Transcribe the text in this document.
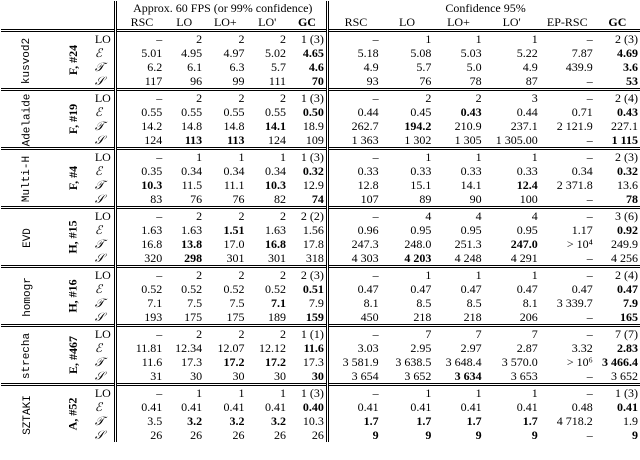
				Approx. 60 FPS (or 99% confidence)						Confidence 95%					
				RSC	LO	LO+	LO'	GC		RSC	LO	LO+	LO'	EP-RSC	GC
kusvod2	F, #24	LO		–	2	2	2	1 (3)		–	1	1	1	–	2 (3)
		ℰ		5.01	4.95	4.97	5.02	4.65		5.18	5.08	5.03	5.22	7.87	4.69
		𝒯		6.2	6.1	6.3	5.7	4.6		4.9	5.7	5.0	4.9	439.9	3.6
		𝒮		117	96	99	111	70		93	76	78	87	–	53
Adelaide	F, #19	LO		–	2	2	2	1 (3)		–	2	2	3	–	2 (4)
		ℰ		0.55	0.55	0.55	0.55	0.50		0.44	0.45	0.43	0.44	0.71	0.43
		𝒯		14.2	14.8	14.8	14.1	18.9		262.7	194.2	210.9	237.1	2 121.9	227.1
		𝒮		124	113	113	124	109		1 363	1 302	1 305	1 305.00	–	1 115
Multi-H	F, #4	LO		–	1	1	1	1 (3)		–	1	1	1	–	2 (3)
		ℰ		0.35	0.34	0.34	0.34	0.32		0.33	0.33	0.33	0.33	0.34	0.32
		𝒯		10.3	11.5	11.1	10.3	12.9		12.8	15.1	14.1	12.4	2 371.8	13.6
		𝒮		83	76	76	82	74		107	89	90	100	–	78
EVD	H, #15	LO		–	2	2	2	2 (2)		–	4	4	4	–	3 (6)
		ℰ		1.63	1.63	1.51	1.63	1.56		0.96	0.95	0.95	0.95	1.17	0.92
		𝒯		16.8	13.8	17.0	16.8	17.8		247.3	248.0	251.3	247.0	> 10⁴	249.9
		𝒮		320	298	301	301	318		4 303	4 203	4 248	4 291	–	4 256
homogr	H, #16	LO		–	2	2	2	2 (3)		–	1	1	1	–	2 (4)
		ℰ		0.52	0.52	0.52	0.52	0.51		0.47	0.47	0.47	0.47	0.47	0.47
		𝒯		7.1	7.5	7.5	7.1	7.9		8.1	8.5	8.5	8.1	3 339.7	7.9
		𝒮		193	175	175	189	159		450	218	218	206	–	165
strecha	E, #467	LO		–	2	2	2	1 (1)		–	7	7	7	–	7 (7)
		ℰ		11.81	12.34	12.07	12.12	11.6		3.03	2.95	2.97	2.87	3.32	2.83
		𝒯		11.6	17.3	17.2	17.2	17.3		3 581.9	3 638.5	3 648.4	3 570.0	> 10⁶	3 466.4
		𝒮		31	30	30	30	30		3 654	3 652	3 634	3 653	–	3 652
SZTAKI	A, #52	LO		–	1	1	1	1 (3)		–	1	1	1	–	1 (3)
		ℰ		0.41	0.41	0.41	0.41	0.40		0.41	0.41	0.41	0.41	0.48	0.41
		𝒯		3.5	3.2	3.2	3.2	10.3		1.7	1.7	1.7	1.7	4 718.2	1.9
		𝒮		26	26	26	26	26		9	9	9	9	–	9
